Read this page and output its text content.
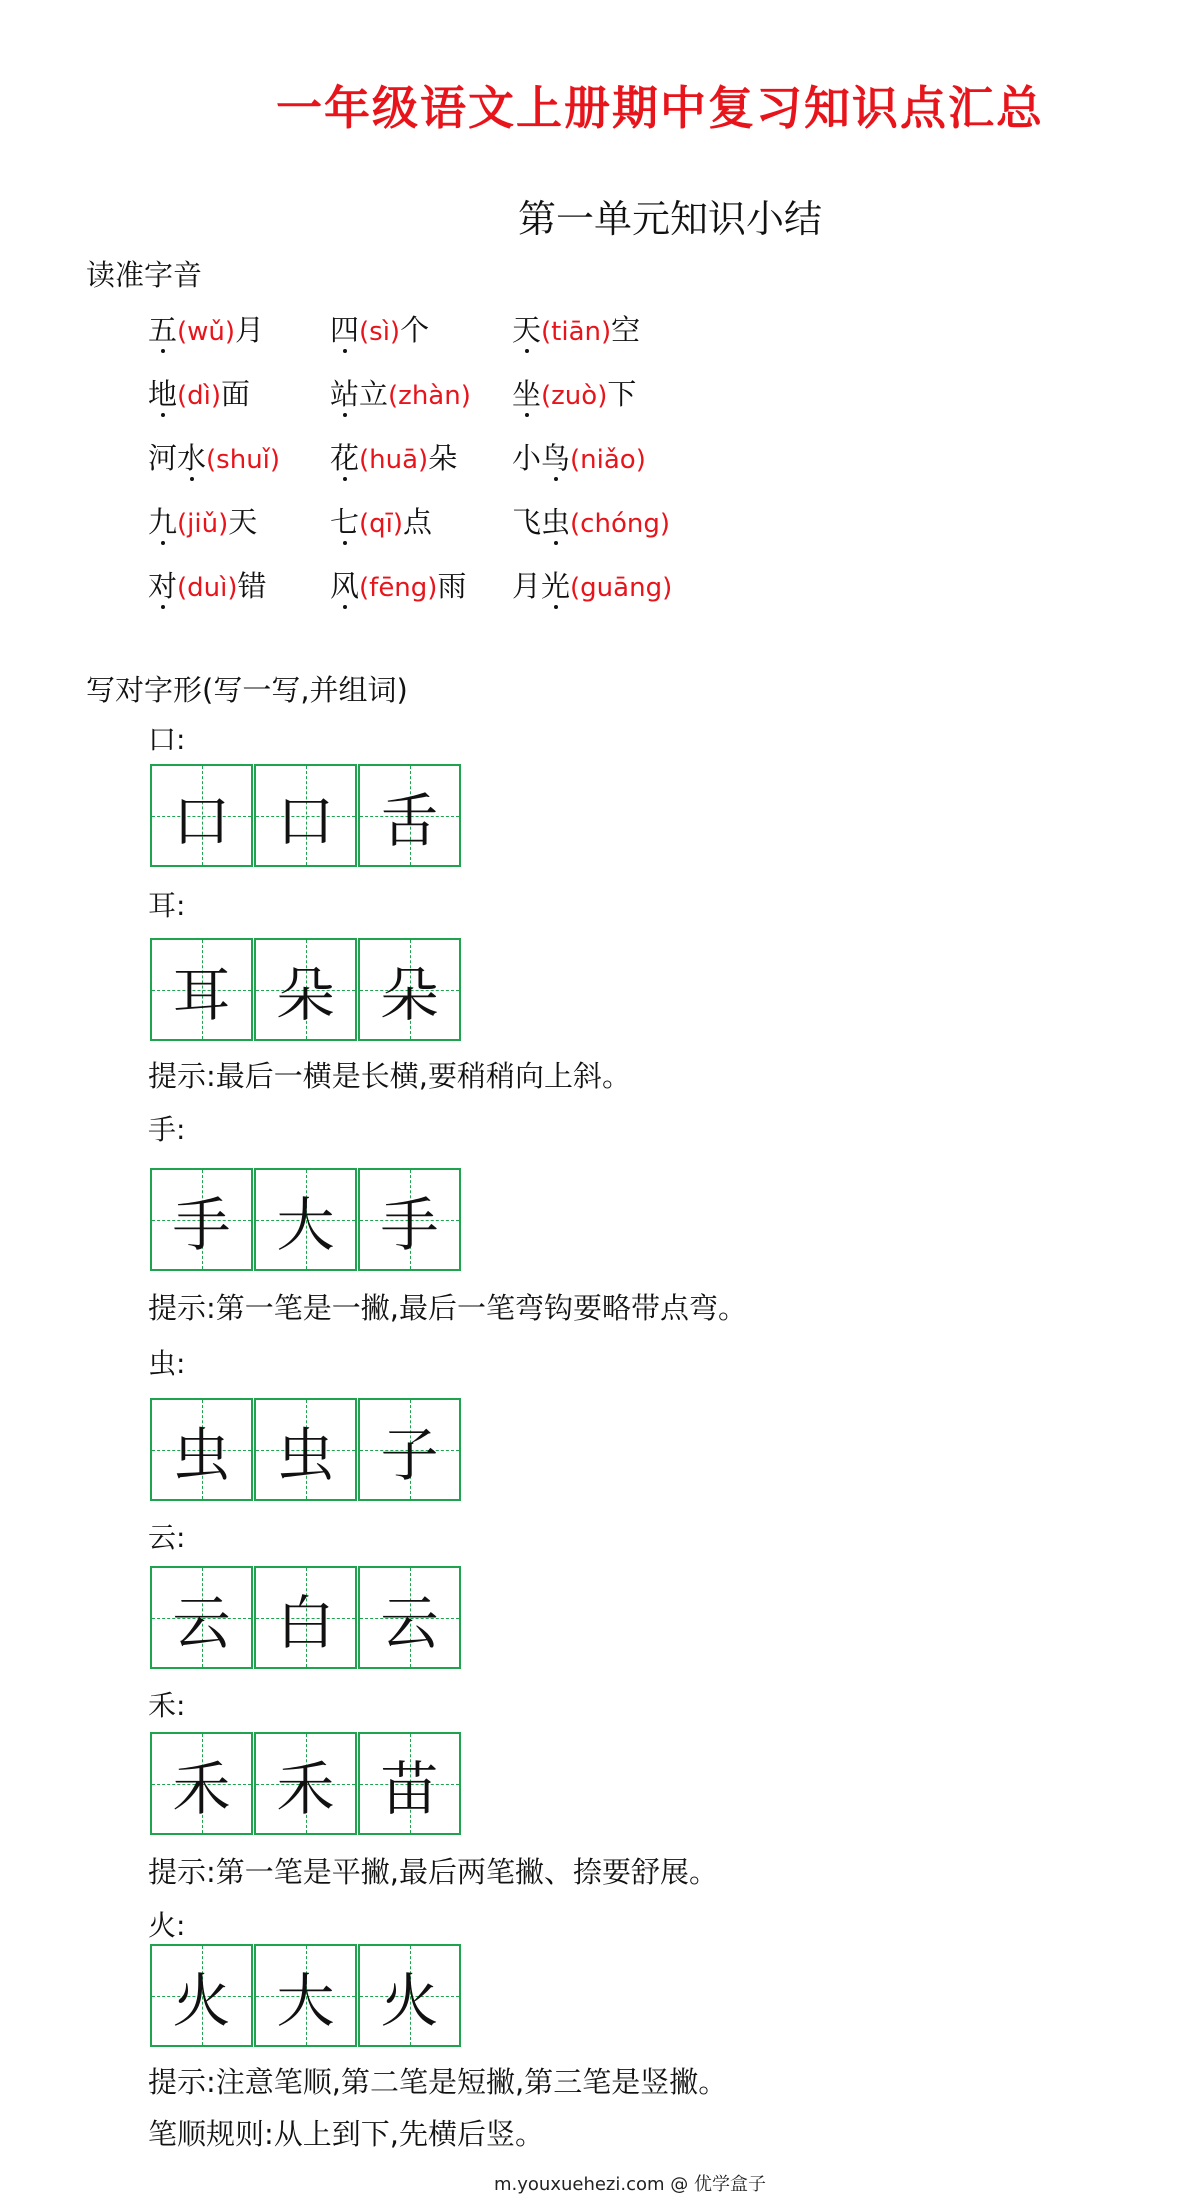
一年级语文上册期中复习知识点汇总
第一单元知识小结
读准字音
五(wǔ)月	四(sì)个	天(tiān)空
地(dì)面	站立(zhàn)	坐(zuò)下
河水(shuǐ)	花(huā)朵	小鸟(niǎo)
九(jiǔ)天	七(qī)点	飞虫(chóng)
对(duì)错	风(fēng)雨	月光(guāng)
写对字形(写一写,并组词)
口:
口 口 舌
耳:
耳 朵 朵
提示:最后一横是长横,要稍稍向上斜。
手:
手 大 手
提示:第一笔是一撇,最后一笔弯钩要略带点弯。
虫:
虫 虫 子
云:
云 白 云
禾:
禾 禾 苗
提示:第一笔是平撇,最后两笔撇、捺要舒展。
火:
火 大 火
提示:注意笔顺,第二笔是短撇,第三笔是竖撇。
笔顺规则:从上到下,先横后竖。
m.youxuehezi.com @ 优学盒子
